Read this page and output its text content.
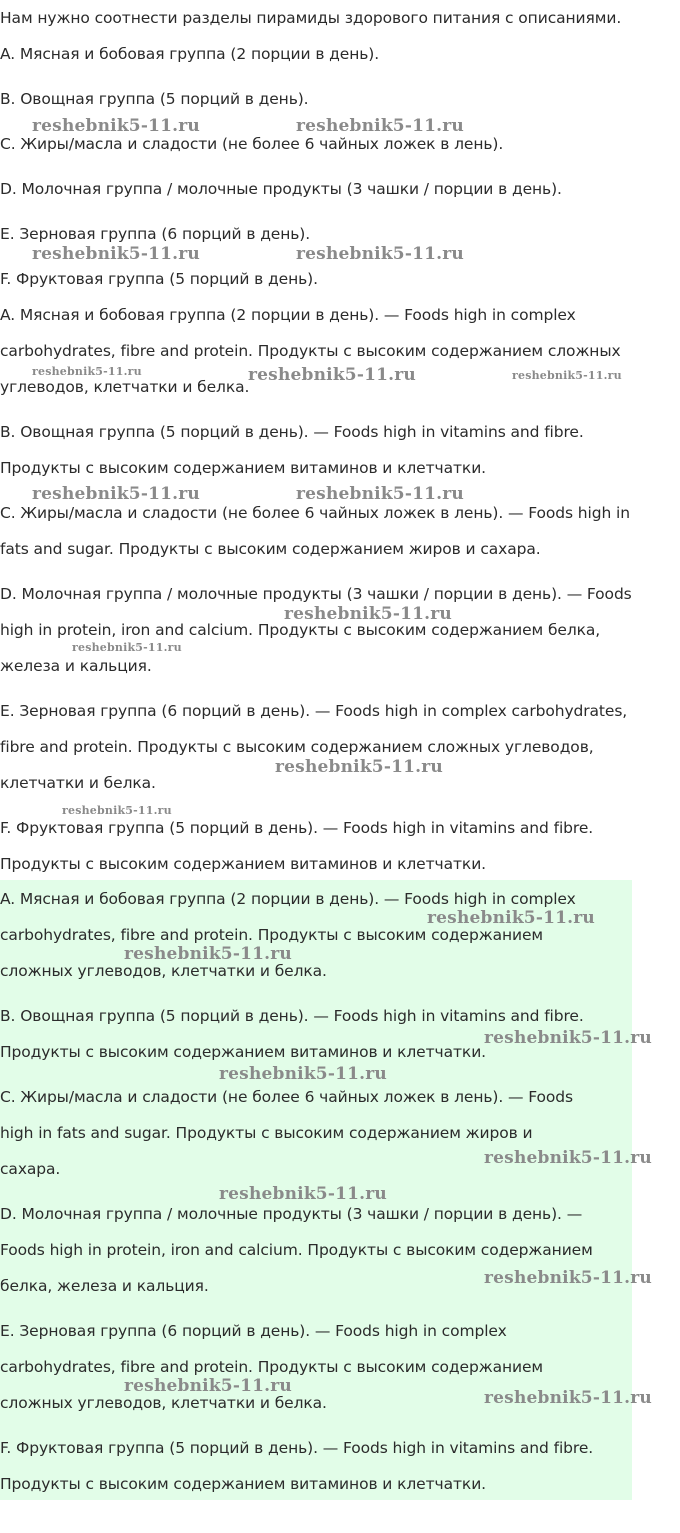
Нам нужно соотнести разделы пирамиды здорового питания с описаниями.

A. Мясная и бобовая группа (2 порции в день).

B. Овощная группа (5 порций в день).

C. Жиры/масла и сладости (не более 6 чайных ложек в лень).

D. Молочная группа / молочные продукты (3 чашки / порции в день).

E. Зерновая группа (6 порций в день).

F. Фруктовая группа (5 порций в день).

A. Мясная и бобовая группа (2 порции в день). — Foods high in complex

carbohydrates, fibre and protein. Продукты с высоким содержанием сложных

углеводов, клетчатки и белка.

B. Овощная группа (5 порций в день). — Foods high in vitamins and fibre.

Продукты с высоким содержанием витаминов и клетчатки.

C. Жиры/масла и сладости (не более 6 чайных ложек в лень). — Foods high in

fats and sugar. Продукты с высоким содержанием жиров и сахара.

D. Молочная группа / молочные продукты (3 чашки / порции в день). — Foods

high in protein, iron and calcium. Продукты с высоким содержанием белка,

железа и кальция.

E. Зерновая группа (6 порций в день). — Foods high in complex carbohydrates,

fibre and protein. Продукты с высоким содержанием сложных углеводов,

клетчатки и белка.

F. Фруктовая группа (5 порций в день). — Foods high in vitamins and fibre.

Продукты с высоким содержанием витаминов и клетчатки.

A. Мясная и бобовая группа (2 порции в день). — Foods high in complex

carbohydrates, fibre and protein. Продукты с высоким содержанием

сложных углеводов, клетчатки и белка.

B. Овощная группа (5 порций в день). — Foods high in vitamins and fibre.

Продукты с высоким содержанием витаминов и клетчатки.

C. Жиры/масла и сладости (не более 6 чайных ложек в лень). — Foods

high in fats and sugar. Продукты с высоким содержанием жиров и

сахара.

D. Молочная группа / молочные продукты (3 чашки / порции в день). —

Foods high in protein, iron and calcium. Продукты с высоким содержанием

белка, железа и кальция.

E. Зерновая группа (6 порций в день). — Foods high in complex

carbohydrates, fibre and protein. Продукты с высоким содержанием

сложных углеводов, клетчатки и белка.

F. Фруктовая группа (5 порций в день). — Foods high in vitamins and fibre.

Продукты с высоким содержанием витаминов и клетчатки.

reshebnik5-11.ru	reshebnik5-11.ru
reshebnik5-11.ru	reshebnik5-11.ru
reshebnik5-11.ru	reshebnik5-11.ru	reshebnik5-11.ru
reshebnik5-11.ru	reshebnik5-11.ru
reshebnik5-11.ru
reshebnik5-11.ru
reshebnik5-11.ru
reshebnik5-11.ru
reshebnik5-11.ru
reshebnik5-11.ru
reshebnik5-11.ru
reshebnik5-11.ru
reshebnik5-11.ru
reshebnik5-11.ru
reshebnik5-11.ru
reshebnik5-11.ru
reshebnik5-11.ru
